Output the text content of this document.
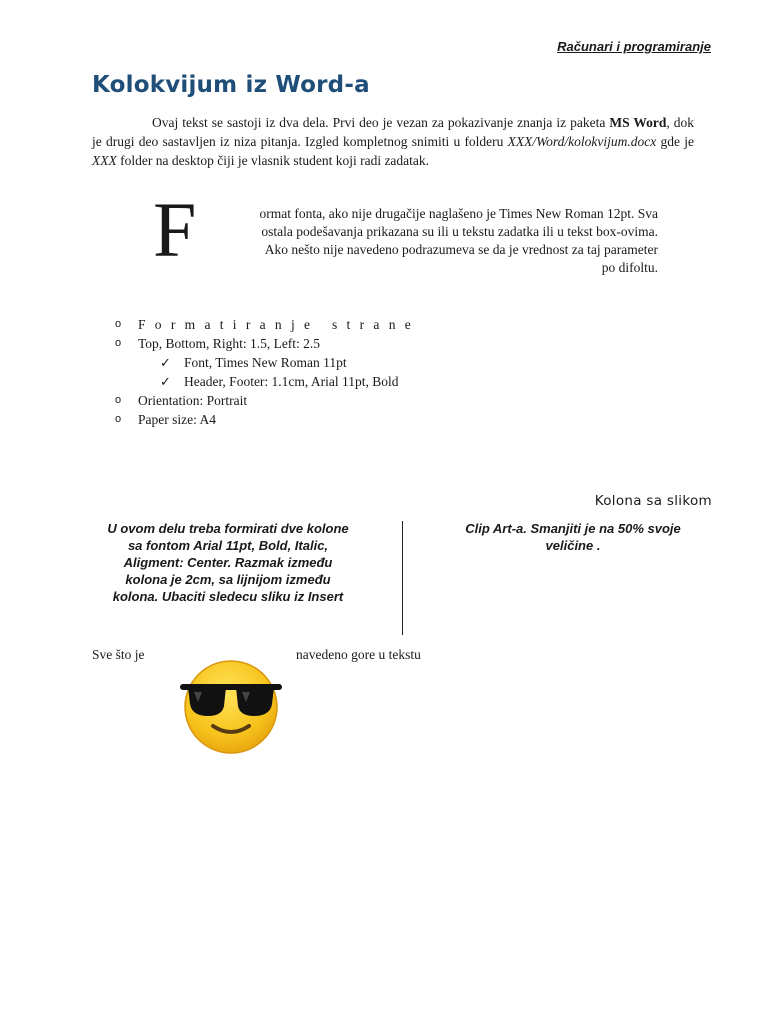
Računari i programiranje
Kolokvijum iz Word-a
Ovaj tekst se sastoji iz dva dela. Prvi deo je vezan za pokazivanje znanja iz paketa MS Word, dok je drugi deo sastavljen iz niza pitanja. Izgled kompletnog snimiti u folderu XXX/Word/kolokvijum.docx gde je XXX folder na desktop čiji je vlasnik student koji radi zadatak.
F	ormat fonta, ako nije drugačije naglašeno je Times New Roman 12pt. Sva
ostala podešavanja prikazana su ili u tekstu zadatka ili u tekst box-ovima.
Ako nešto nije navedeno podrazumeva se da je vrednost za taj parameter
po difoltu.
o Formatiranje strane
o Top, Bottom, Right: 1.5, Left: 2.5
✓ Font, Times New Roman 11pt
✓ Header, Footer: 1.1cm, Arial 11pt, Bold
o Orientation: Portrait
o Paper size: A4
Kolona sa slikom
U ovom delu treba formirati dve kolone
sa fontom Arial 11pt, Bold, Italic,
Aligment: Center. Razmak između
kolona je 2cm, sa lijnijom između
kolona. Ubaciti sledecu sliku iz Insert
Clip Art-a. Smanjiti je na 50% svoje
veličine .
Sve što je	navedeno gore u tekstu
